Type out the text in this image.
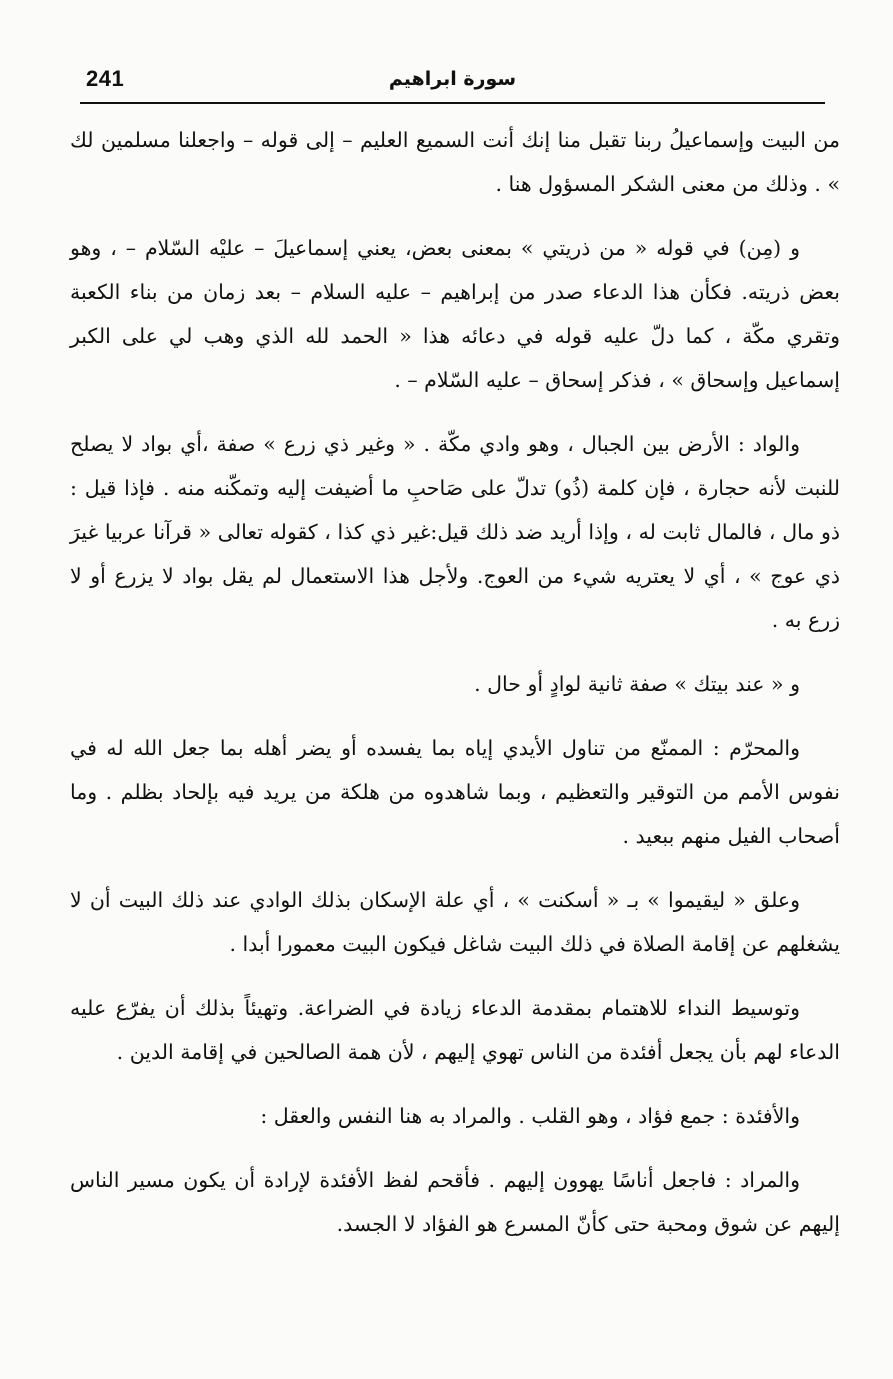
241	سورة ابراهيم

من البيت وإسماعيلُ ربنا تقبل منا إنك أنت السميع العليم – إلى قوله – واجعلنا مسلمين لك » . وذلك من معنى الشكر المسؤول هنا .

و (مِن) في قوله « من ذريتي » بمعنى بعض، يعني إسماعيلَ – عليْه السّلام – ، وهو بعض ذريته. فكأن هذا الدعاء صدر من إبراهيم – عليه السلام – بعد زمان من بناء الكعبة وتقري مكّة ، كما دلّ عليه قوله في دعائه هذا « الحمد لله الذي وهب لي على الكبر إسماعيل وإسحاق » ، فذكر إسحاق – عليه السّلام – .

والواد : الأرض بين الجبال ، وهو وادي مكّة . « وغير ذي زرع » صفة ،أي بواد لا يصلح للنبت لأنه حجارة ، فإن كلمة (ذُو) تدلّ على صَاحبِ ما أضيفت إليه وتمكّنه منه . فإذا قيل : ذو مال ، فالمال ثابت له ، وإذا أريد ضد ذلك قيل:غير ذي كذا ، كقوله تعالى « قرآنا عربيا غيرَ ذي عوج » ، أي لا يعتريه شيء من العوج. ولأجل هذا الاستعمال لم يقل بواد لا يزرع أو لا زرع به .

و « عند بيتك » صفة ثانية لوادٍ أو حال .

والمحرّم : الممنّع من تناول الأيدي إياه بما يفسده أو يضر أهله بما جعل الله له في نفوس الأمم من التوقير والتعظيم ، وبما شاهدوه من هلكة من يريد فيه بإلحاد بظلم . وما أصحاب الفيل منهم ببعيد .

وعلق « ليقيموا » بـ « أسكنت » ، أي علة الإسكان بذلك الوادي عند ذلك البيت أن لا يشغلهم عن إقامة الصلاة في ذلك البيت شاغل فيكون البيت معمورا أبدا .

وتوسيط النداء للاهتمام بمقدمة الدعاء زيادة في الضراعة. وتهيئاً بذلك أن يفرّع عليه الدعاء لهم بأن يجعل أفئدة من الناس تهوي إليهم ، لأن همة الصالحين في إقامة الدين .

والأفئدة : جمع فؤاد ، وهو القلب . والمراد به هنا النفس والعقل :

والمراد : فاجعل أناسًا يهوون إليهم . فأقحم لفظ الأفئدة لإرادة أن يكون مسير الناس إليهم عن شوق ومحبة حتى كأنّ المسرع هو الفؤاد لا الجسد.
